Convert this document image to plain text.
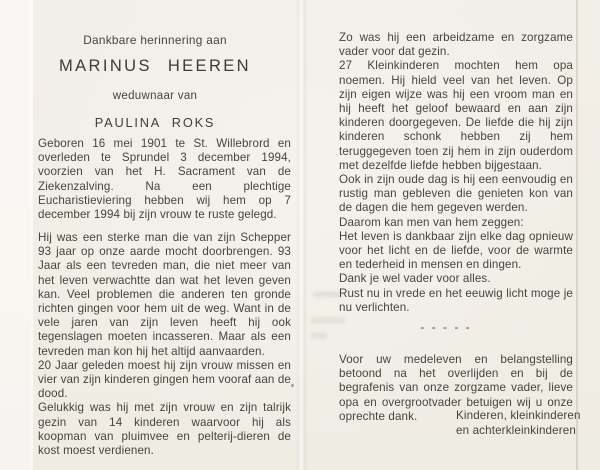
Dankbare herinnering aan
MARINUS HEEREN
weduwnaar van
PAULINA ROKS

Geboren 16 mei 1901 te St. Willebrord en overleden te Sprundel 3 december 1994, voorzien van het H. Sacrament van de Ziekenzalving. Na een plechtige Eucharistieviering hebben wij hem op 7 december 1994 bij zijn vrouw te ruste gelegd.

Hij was een sterke man die van zijn Schepper 93 jaar op onze aarde mocht doorbrengen. 93 Jaar als een tevreden man, die niet meer van het leven verwachtte dan wat het leven geven kan. Veel problemen die anderen ten gronde richten gingen voor hem uit de weg. Want in de vele jaren van zijn leven heeft hij ook tegenslagen moeten incasseren. Maar als een tevreden man kon hij het altijd aanvaarden.

20 Jaar geleden moest hij zijn vrouw missen en vier van zijn kinderen gingen hem vooraf aan de dood.

Gelukkig was hij met zijn vrouw en zijn talrijk gezin van 14 kinderen waarvoor hij als koopman van pluimvee en pelterij-dieren de kost moest verdienen.

Zo was hij een arbeidzame en zorgzame vader voor dat gezin.

27 Kleinkinderen mochten hem opa noemen. Hij hield veel van het leven. Op zijn eigen wijze was hij een vroom man en hij heeft het geloof bewaard en aan zijn kinderen doorgegeven. De liefde die hij zijn kinderen schonk hebben zij hem teruggegeven toen zij hem in zijn ouderdom met dezelfde liefde hebben bijgestaan.

Ook in zijn oude dag is hij een eenvoudig en rustig man gebleven die genieten kon van de dagen die hem gegeven werden.

Daarom kan men van hem zeggen:

Het leven is dankbaar zijn elke dag opnieuw voor het licht en de liefde, voor de warmte en tederheid in mensen en dingen.

Dank je wel vader voor alles.

Rust nu in vrede en het eeuwig licht moge je nu verlichten.

- - - - -

Voor uw medeleven en belangstelling betoond na het overlijden en bij de begrafenis van onze zorgzame vader, lieve opa en overgrootvader betuigen wij u onze oprechte dank.	Kinderen, kleinkinderen
en achterkleinkinderen
